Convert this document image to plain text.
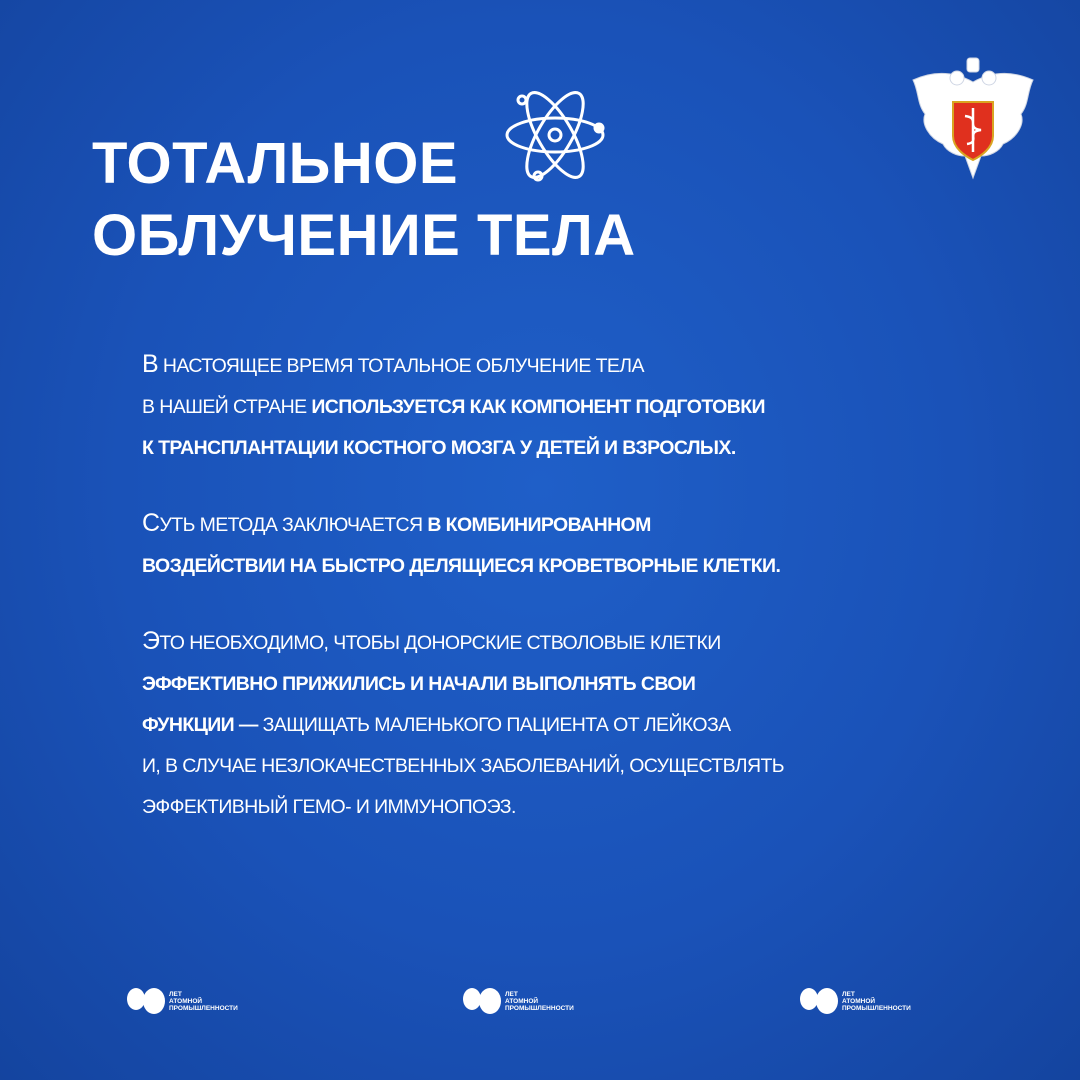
ТОТАЛЬНОЕ
ОБЛУЧЕНИЕ ТЕЛА
В НАСТОЯЩЕЕ ВРЕМЯ ТОТАЛЬНОЕ ОБЛУЧЕНИЕ ТЕЛА
В НАШЕЙ СТРАНЕ ИСПОЛЬЗУЕТСЯ КАК КОМПОНЕНТ ПОДГОТОВКИ
К ТРАНСПЛАНТАЦИИ КОСТНОГО МОЗГА У ДЕТЕЙ И ВЗРОСЛЫХ.
СУТЬ МЕТОДА ЗАКЛЮЧАЕТСЯ В КОМБИНИРОВАННОМ
ВОЗДЕЙСТВИИ НА БЫСТРО ДЕЛЯЩИЕСЯ КРОВЕТВОРНЫЕ КЛЕТКИ.
ЭТО НЕОБХОДИМО, ЧТОБЫ ДОНОРСКИЕ СТВОЛОВЫЕ КЛЕТКИ
ЭФФЕКТИВНО ПРИЖИЛИСЬ И НАЧАЛИ ВЫПОЛНЯТЬ СВОИ
ФУНКЦИИ — ЗАЩИЩАТЬ МАЛЕНЬКОГО ПАЦИЕНТА ОТ ЛЕЙКОЗА
И, В СЛУЧАЕ НЕЗЛОКАЧЕСТВЕННЫХ ЗАБОЛЕВАНИЙ, ОСУЩЕСТВЛЯТЬ
ЭФФЕКТИВНЫЙ ГЕМО- И ИММУНОПОЭЗ.
ЛЕТ
АТОМНОЙ
ПРОМЫШЛЕННОСТИ
ЛЕТ
АТОМНОЙ
ПРОМЫШЛЕННОСТИ
ЛЕТ
АТОМНОЙ
ПРОМЫШЛЕННОСТИ
